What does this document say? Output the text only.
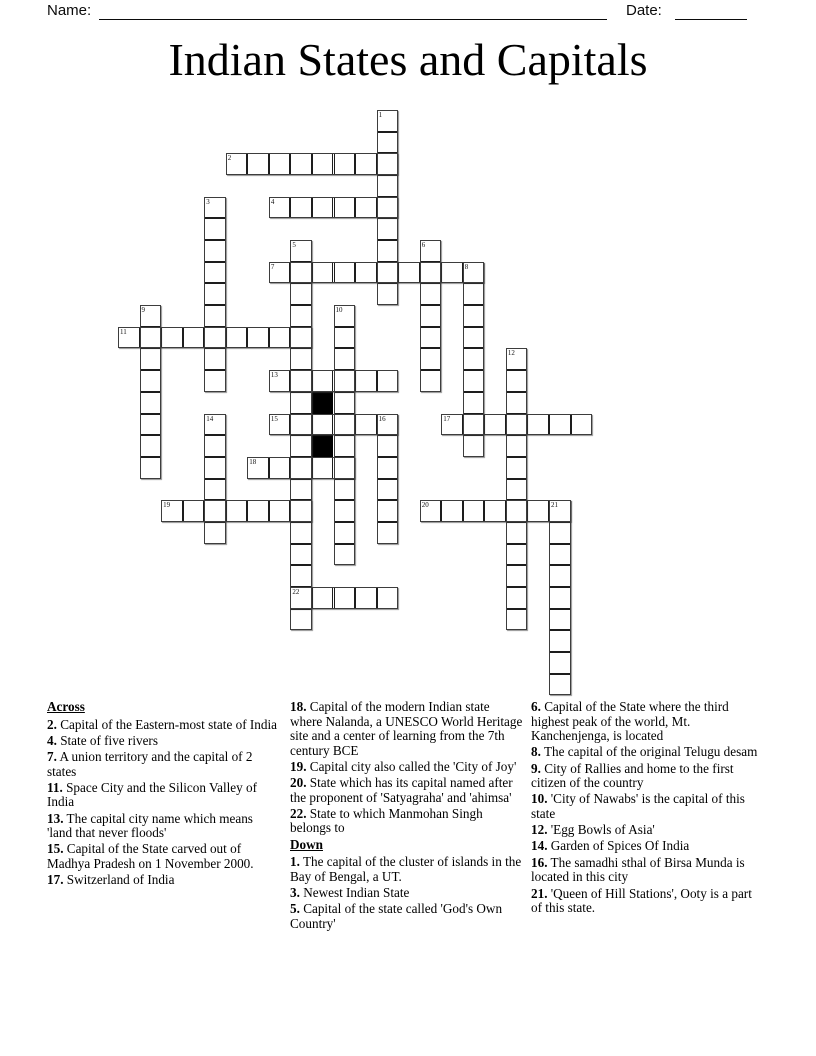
Name:	Date:
Indian States and Capitals
2
4
7	8
11
13
15	16	17
18
19	20	21
22
1
3
5	6
9	10
12
14
Across
2. Capital of the Eastern-most state of India
4. State of five rivers
7. A union territory and the capital of 2 states
11. Space City and the Silicon Valley of India
13. The capital city name which means 'land that never floods'
15. Capital of the State carved out of Madhya Pradesh on 1 November 2000.
17. Switzerland of India
18. Capital of the modern Indian state where Nalanda, a UNESCO World Heritage site and a center of learning from the 7th century BCE
19. Capital city also called the 'City of Joy'
20. State which has its capital named after the proponent of 'Satyagraha' and 'ahimsa'
22. State to which Manmohan Singh belongs to
Down
1. The capital of the cluster of islands in the Bay of Bengal, a UT.
3. Newest Indian State
5. Capital of the state called 'God's Own Country'
6. Capital of the State where the third highest peak of the world, Mt. Kanchenjenga, is located
8. The capital of the original Telugu desam
9. City of Rallies and home to the first citizen of the country
10. 'City of Nawabs' is the capital of this state
12. 'Egg Bowls of Asia'
14. Garden of Spices Of India
16. The samadhi sthal of Birsa Munda is located in this city
21. 'Queen of Hill Stations', Ooty is a part of this state.
